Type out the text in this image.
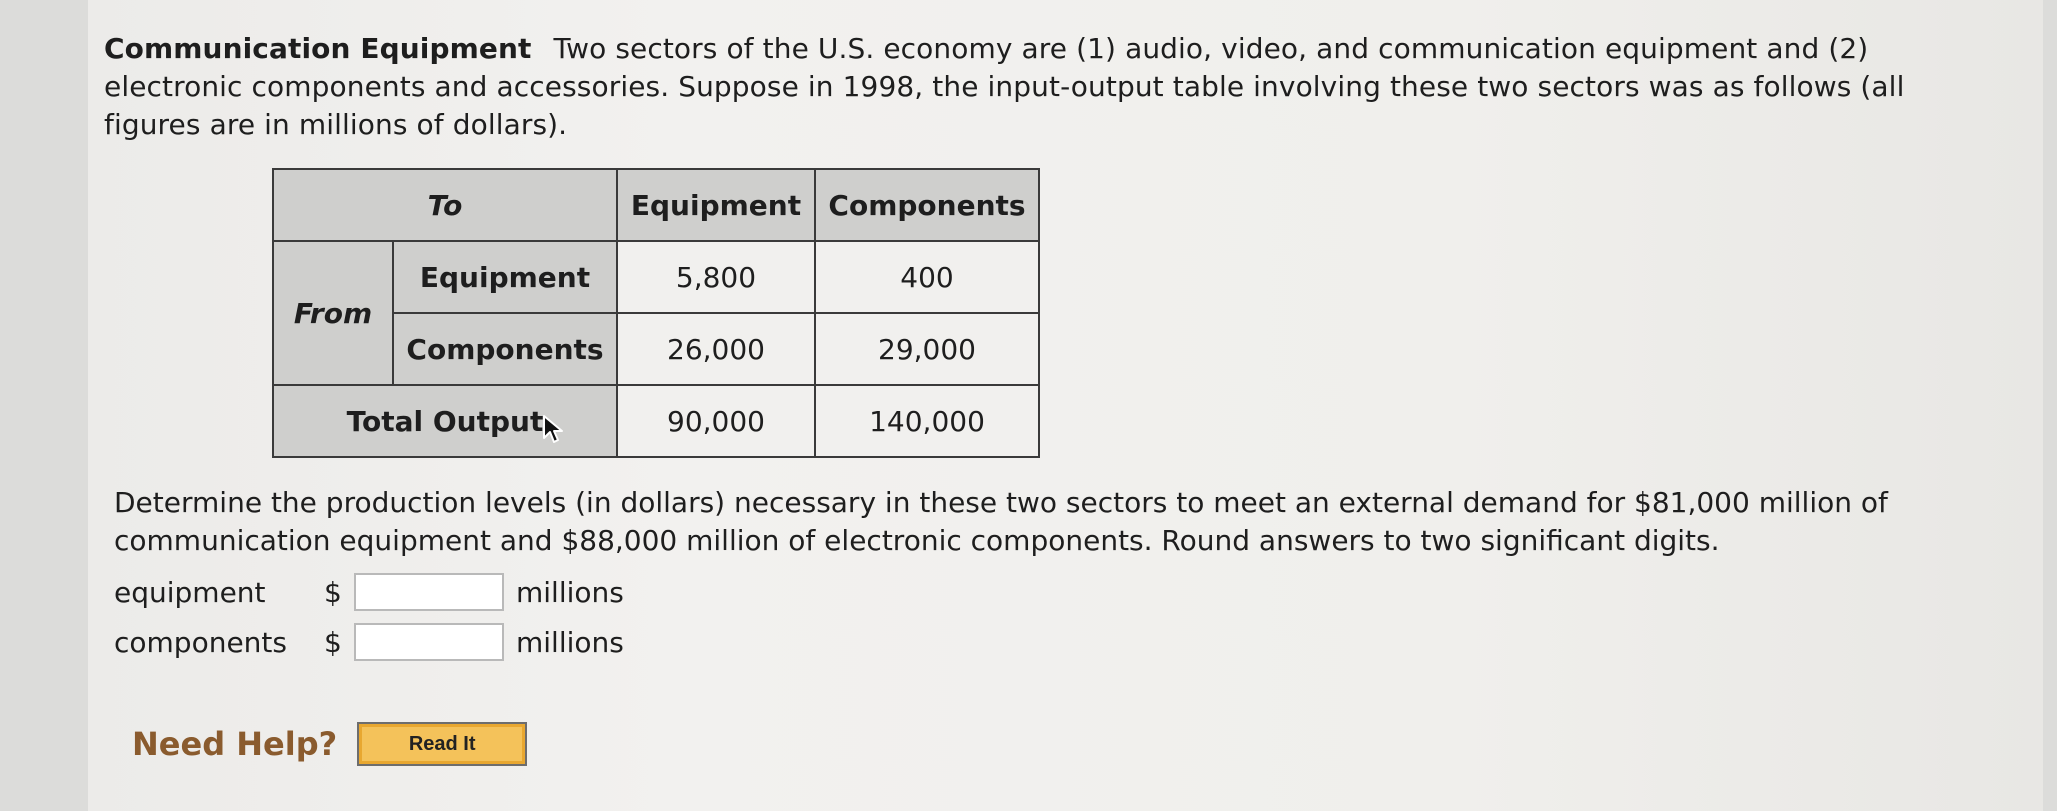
Communication Equipment Two sectors of the U.S. economy are (1) audio, video, and communication equipment and (2) electronic components and accessories. Suppose in 1998, the input-output table involving these two sectors was as follows (all figures are in millions of dollars).
To		Equipment	Components
From	Equipment	5,800	400
	Components	26,000	29,000
Total Output		90,000	140,000
Determine the production levels (in dollars) necessary in these two sectors to meet an external demand for $81,000 million of communication equipment and $88,000 million of electronic components. Round answers to two significant digits.
equipment	$	millions
components	$	millions
Need Help?	Read It
